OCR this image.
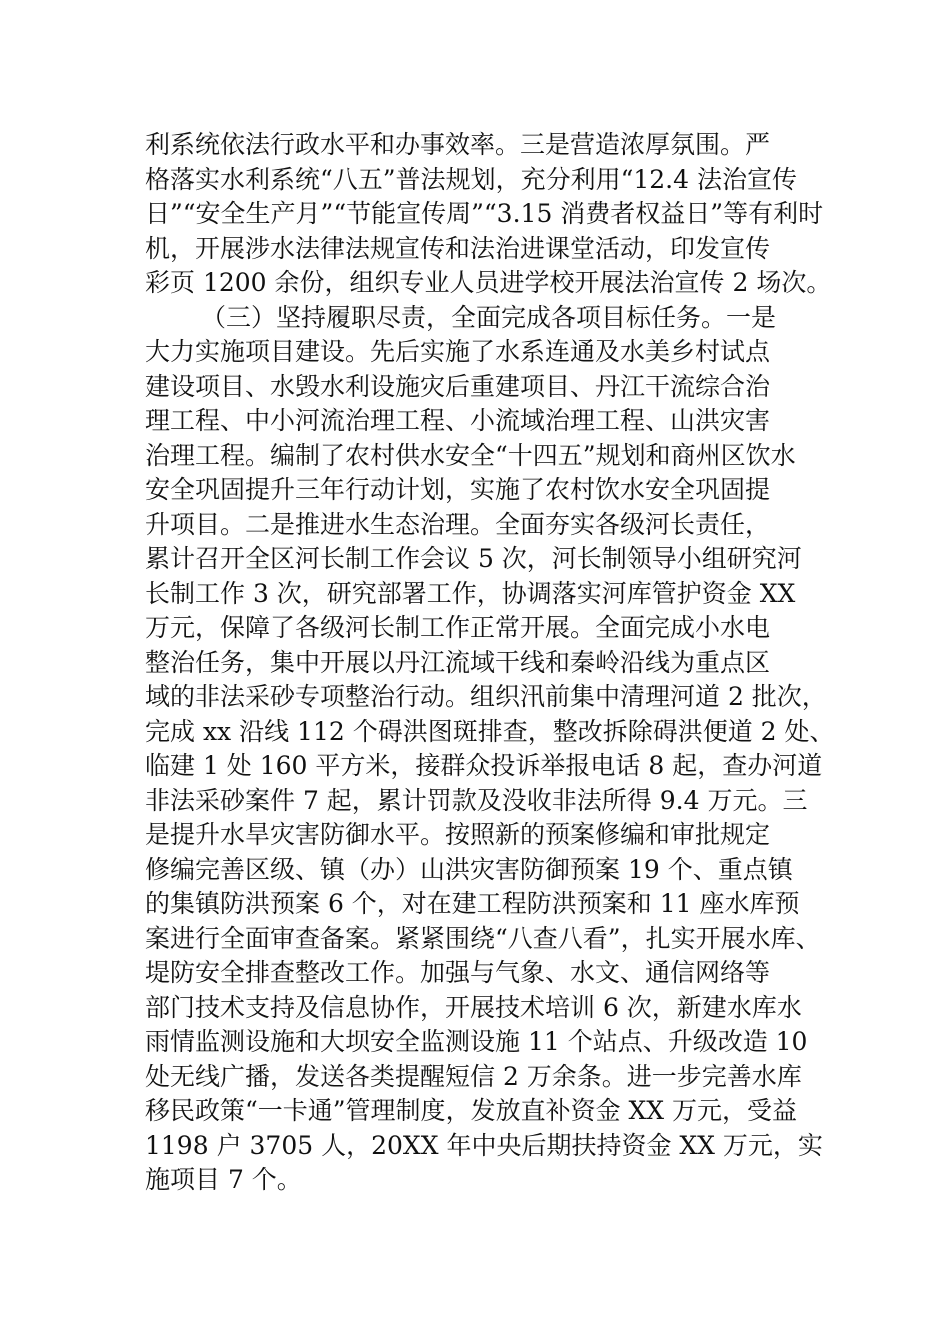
利系统依法行政水平和办事效率。三是营造浓厚氛围。严
格落实水利系统“八五”普法规划，充分利用“12.4 法治宣传
日”“安全生产月”“节能宣传周”“3.15 消费者权益日”等有利时
机，开展涉水法律法规宣传和法治进课堂活动，印发宣传
彩页 1200 余份，组织专业人员进学校开展法治宣传 2 场次。
（三）坚持履职尽责，全面完成各项目标任务。一是
大力实施项目建设。先后实施了水系连通及水美乡村试点
建设项目、水毁水利设施灾后重建项目、丹江干流综合治
理工程、中小河流治理工程、小流域治理工程、山洪灾害
治理工程。编制了农村供水安全“十四五”规划和商州区饮水
安全巩固提升三年行动计划，实施了农村饮水安全巩固提
升项目。二是推进水生态治理。全面夯实各级河长责任，
累计召开全区河长制工作会议 5 次，河长制领导小组研究河
长制工作 3 次，研究部署工作，协调落实河库管护资金 XX
万元，保障了各级河长制工作正常开展。全面完成小水电
整治任务，集中开展以丹江流域干线和秦岭沿线为重点区
域的非法采砂专项整治行动。组织汛前集中清理河道 2 批次，
完成 xx 沿线 112 个碍洪图斑排查，整改拆除碍洪便道 2 处、
临建 1 处 160 平方米，接群众投诉举报电话 8 起，查办河道
非法采砂案件 7 起，累计罚款及没收非法所得 9.4 万元。三
是提升水旱灾害防御水平。按照新的预案修编和审批规定
修编完善区级、镇（办）山洪灾害防御预案 19 个、重点镇
的集镇防洪预案 6 个，对在建工程防洪预案和 11 座水库预
案进行全面审查备案。紧紧围绕“八查八看”，扎实开展水库、
堤防安全排查整改工作。加强与气象、水文、通信网络等
部门技术支持及信息协作，开展技术培训 6 次，新建水库水
雨情监测设施和大坝安全监测设施 11 个站点、升级改造 10
处无线广播，发送各类提醒短信 2 万余条。进一步完善水库
移民政策“一卡通”管理制度，发放直补资金 XX 万元，受益
1198 户 3705 人，20XX 年中央后期扶持资金 XX 万元，实
施项目 7 个。
